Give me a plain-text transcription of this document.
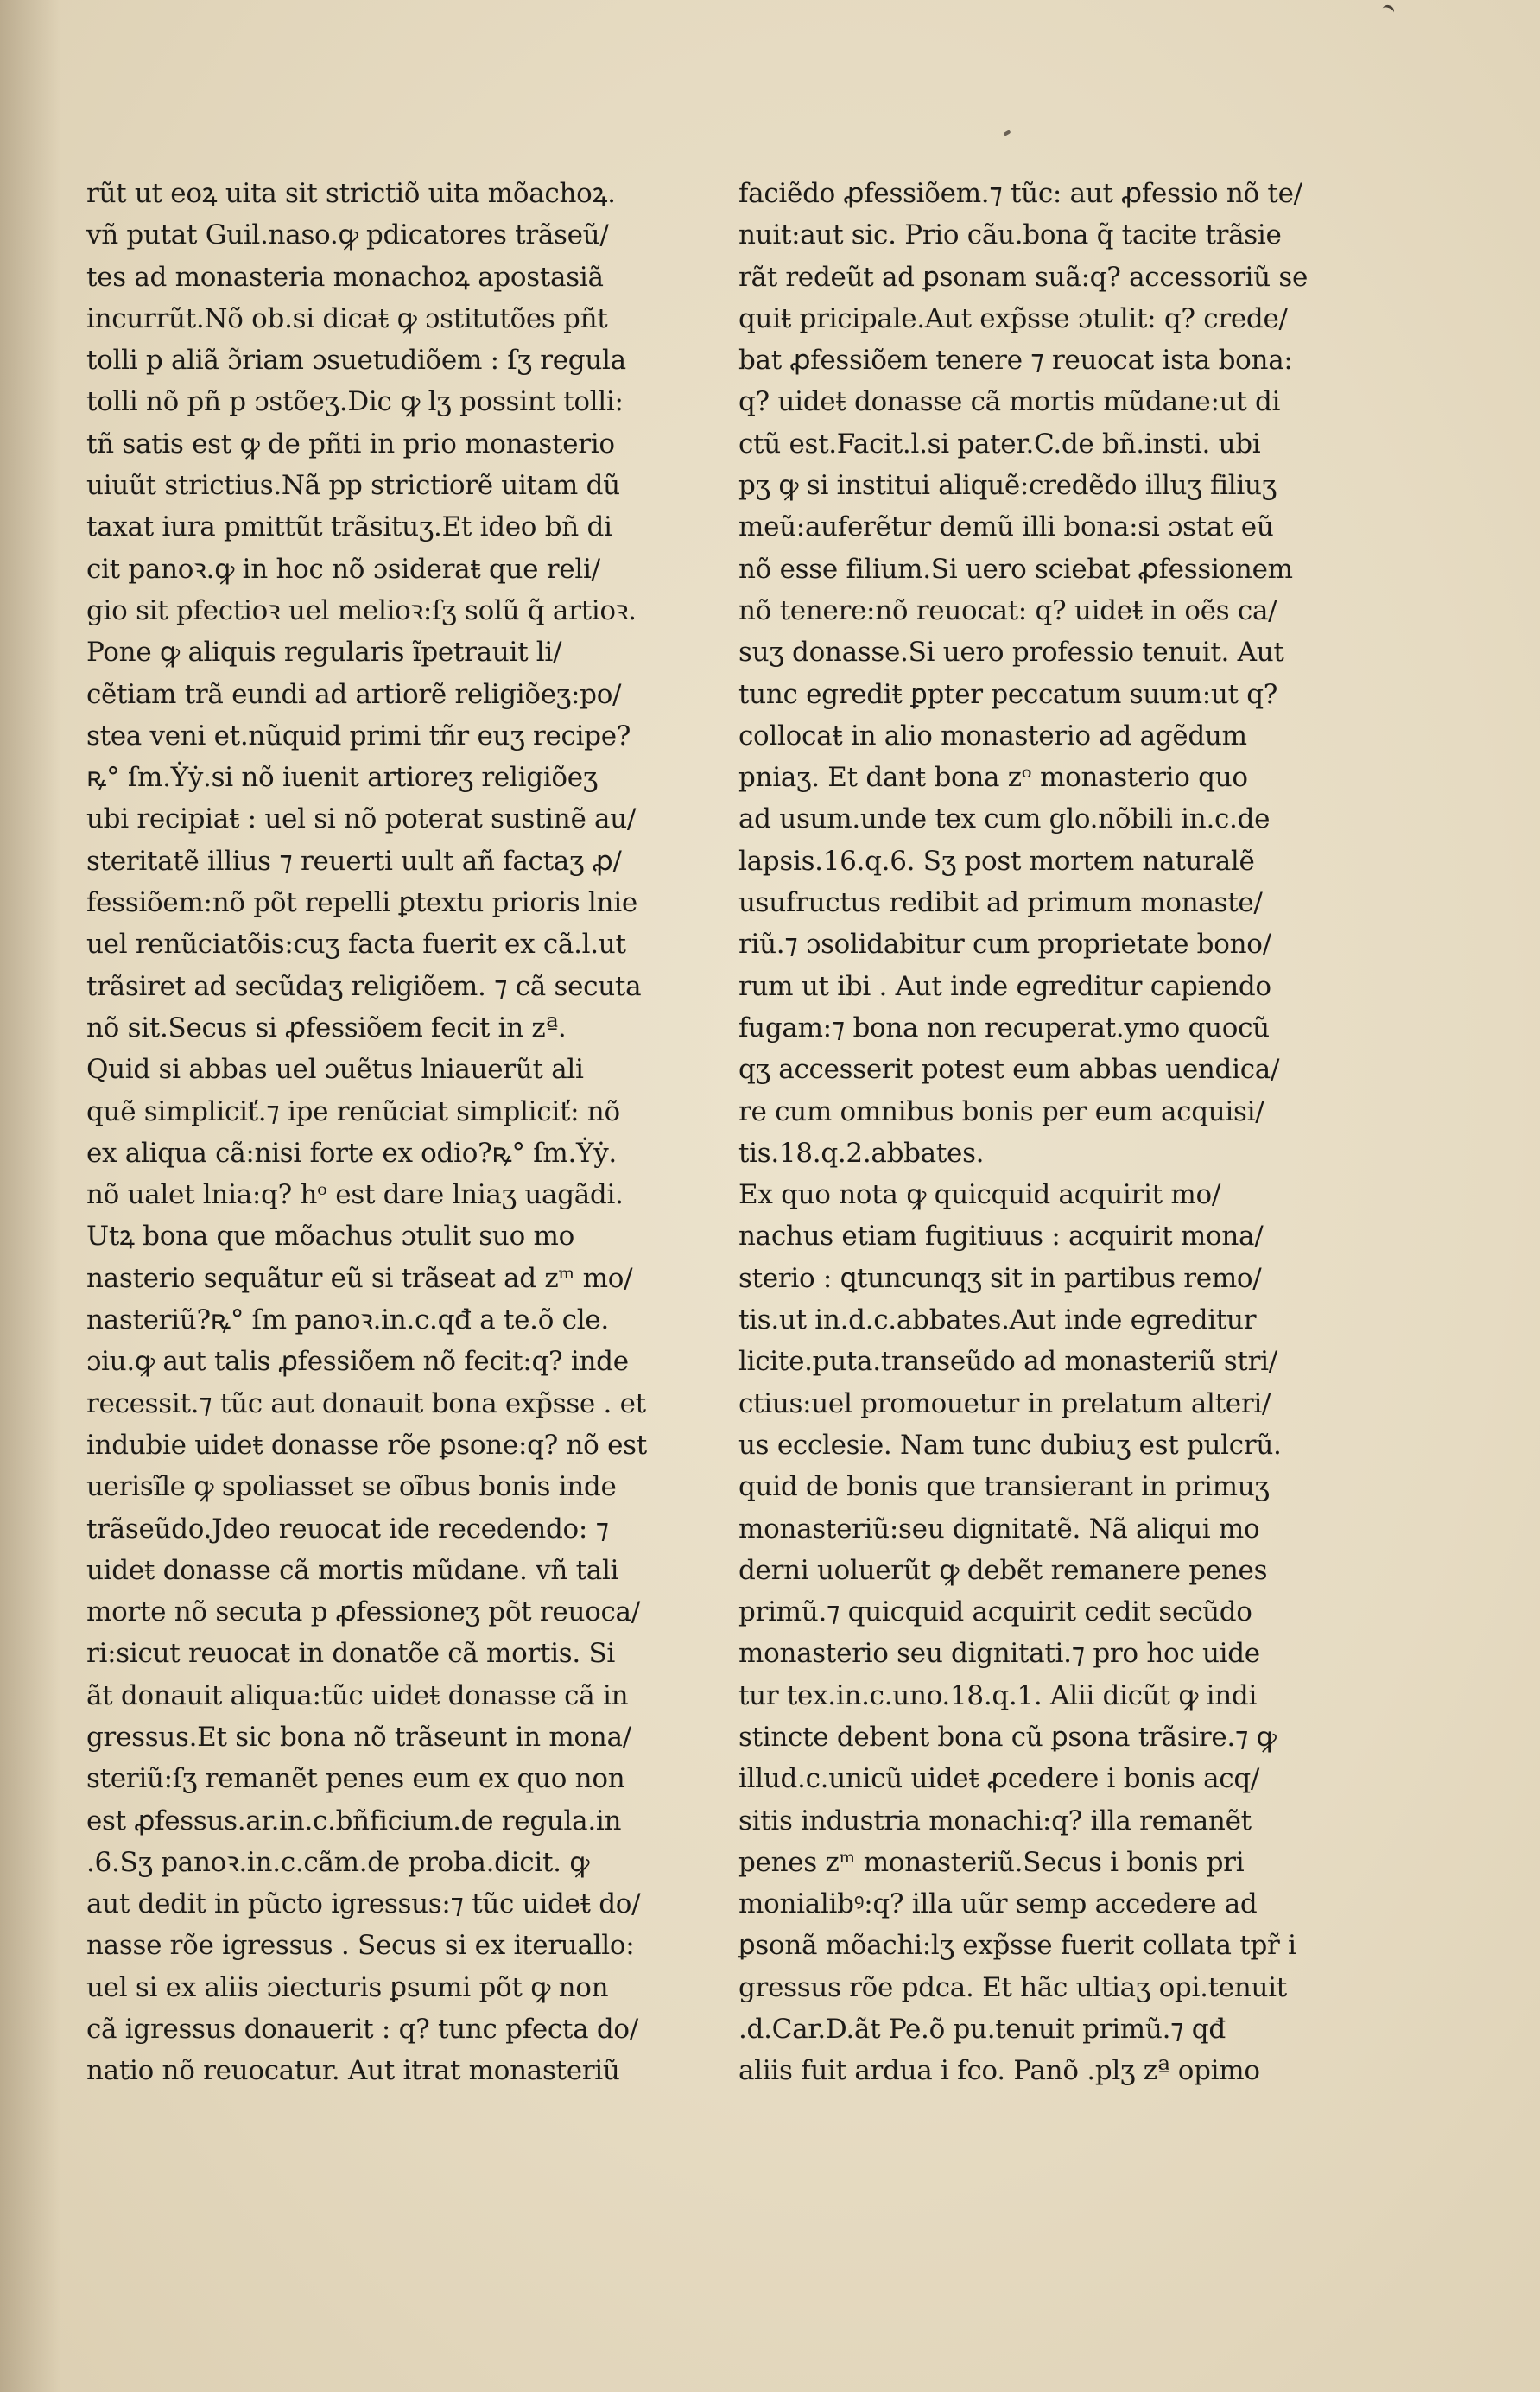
rũt ut eoꝝ uita sit strictiõ uita mõachoꝝ.
vñ putat Guil.naso.ꝙ pdicatores trãseũ/
tes ad monasteria monachoꝝ apostasiã
incurrũt.Nõ ob.si dicaŧ ꝙ ɔstitutões pñt
tolli p aliã ɔ̃riam ɔsuetudiõem : ſʒ regula
tolli nõ pñ p ɔstõeʒ.Dic ꝙ lʒ possint tolli:
tñ satis est ꝙ de pñti in prio monasterio
uiuũt strictius.Nã pp strictiorẽ uitam dũ
taxat iura pmittũt trãsituʒ.Et ideo bñ di
cit panoꝛ.ꝙ in hoc nõ ɔsideraŧ que reli/
gio sit pfectioꝛ uel melioꝛ:ſʒ solũ q̃ artioꝛ.
Pone ꝙ aliquis regularis ĩpetrauit li/
cẽtiam trã eundi ad artiorẽ religiõeʒ:po/
stea veni et.nũquid primi tñr euʒ recipe?
ꝶ° ſm.Ẏẏ.si nõ iuenit artioreʒ religiõeʒ
ubi recipiaŧ : uel si nõ poterat sustinẽ au/
steritatẽ illius ⁊ reuerti uult añ factaʒ ꝓ/
fessiõem:nõ põt repelli ꝑtextu prioris lnie
uel renũciatõis:cuʒ facta fuerit ex cã.l.ut
trãsiret ad secũdaʒ religiõem. ⁊ cã secuta
nõ sit.Secus si ꝓfessiõem fecit in zª.
Quid si abbas uel ɔuẽtus lniauerũt ali
quẽ simpliciť.⁊ ipe renũciat simpliciť: nõ
ex aliqua cã:nisi forte ex odio?ꝶ° ſm.Ẏẏ.
nõ ualet lnia:q? hᵒ est dare lniaʒ uagãdi.
Utꝝ bona que mõachus ɔtulit suo mo
nasterio sequãtur eũ si trãseat ad zᵐ mo/
nasteriũ?ꝶ° ſm panoꝛ.in.c.qđ a te.õ cle.
ɔiu.ꝙ aut talis ꝓfessiõem nõ fecit:q? inde
recessit.⁊ tũc aut donauit bona exp̃sse . et
indubie uideŧ donasse rõe ꝑsone:q? nõ est
uerisĩle ꝙ spoliasset se oĩbus bonis inde
trãseũdo.Jdeo reuocat ide recedendo: ⁊
uideŧ donasse cã mortis mũdane. vñ tali
morte nõ secuta p ꝓfessioneʒ põt reuoca/
ri:sicut reuocaŧ in donatõe cã mortis. Si
ãt donauit aliqua:tũc uideŧ donasse cã in
gressus.Et sic bona nõ trãseunt in mona/
steriũ:ſʒ remanẽt penes eum ex quo non
est ꝓfessus.ar.in.c.bñficium.de regula.in
.6.Sʒ panoꝛ.in.c.cãm.de proba.dicit. ꝙ
aut dedit in pũcto igressus:⁊ tũc uideŧ do/
nasse rõe igressus . Secus si ex iteruallo:
uel si ex aliis ɔiecturis ꝑsumi põt ꝙ non
cã igressus donauerit : q? tunc pfecta do/
natio nõ reuocatur. Aut itrat monasteriũ
faciẽdo ꝓfessiõem.⁊ tũc: aut ꝓfessio nõ te/
nuit:aut sic. Prio cãu.bona q̃ tacite trãsie
rãt redeũt ad ꝑsonam suã:q? accessoriũ se
quiŧ pricipale.Aut exp̃sse ɔtulit: q? crede/
bat ꝓfessiõem tenere ⁊ reuocat ista bona:
q? uideŧ donasse cã mortis mũdane:ut di
ctũ est.Facit.l.si pater.C.de bñ.insti. ubi
pʒ ꝙ si institui aliquẽ:credẽdo illuʒ filiuʒ
meũ:auferẽtur demũ illi bona:si ɔstat eũ
nõ esse filium.Si uero sciebat ꝓfessionem
nõ tenere:nõ reuocat: q? uideŧ in oẽs ca/
suʒ donasse.Si uero professio tenuit. Aut
tunc egrediŧ ꝑpter peccatum suum:ut q?
collocaŧ in alio monasterio ad agẽdum
pniaʒ. Et danŧ bona zᵒ monasterio quo
ad usum.unde tex cum glo.nõbili in.c.de
lapsis.16.q.6. Sʒ post mortem naturalẽ
usufructus redibit ad primum monaste/
riũ.⁊ ɔsolidabitur cum proprietate bono/
rum ut ibi . Aut inde egreditur capiendo
fugam:⁊ bona non recuperat.ymo quocũ
qʒ accesserit potest eum abbas uendica/
re cum omnibus bonis per eum acquisi/
tis.18.q.2.abbates.
Ex quo nota ꝙ quicquid acquirit mo/
nachus etiam fugitiuus : acquirit mona/
sterio : ꝗtuncunqʒ sit in partibus remo/
tis.ut in.d.c.abbates.Aut inde egreditur
licite.puta.transeũdo ad monasteriũ stri/
ctius:uel promouetur in prelatum alteri/
us ecclesie. Nam tunc dubiuʒ est pulcrũ.
quid de bonis que transierant in primuʒ
monasteriũ:seu dignitatẽ. Nã aliqui mo
derni uoluerũt ꝙ debẽt remanere penes
primũ.⁊ quicquid acquirit cedit secũdo
monasterio seu dignitati.⁊ pro hoc uide
tur tex.in.c.uno.18.q.1. Alii dicũt ꝙ indi
stincte debent bona cũ ꝑsona trãsire.⁊ ꝙ
illud.c.unicũ uideŧ ꝓcedere i bonis acq/
sitis industria monachi:q? illa remanẽt
penes zᵐ monasteriũ.Secus i bonis pri
monialibꝰ:q? illa uũr semp accedere ad
ꝑsonã mõachi:lʒ exp̃sse fuerit collata tpr̃ i
gressus rõe pdca. Et hãc ultiaʒ opi.tenuit
.d.Car.D.ãt Pe.õ pu.tenuit primũ.⁊ qđ
aliis fuit ardua i fco. Panõ .plʒ zª opimo
